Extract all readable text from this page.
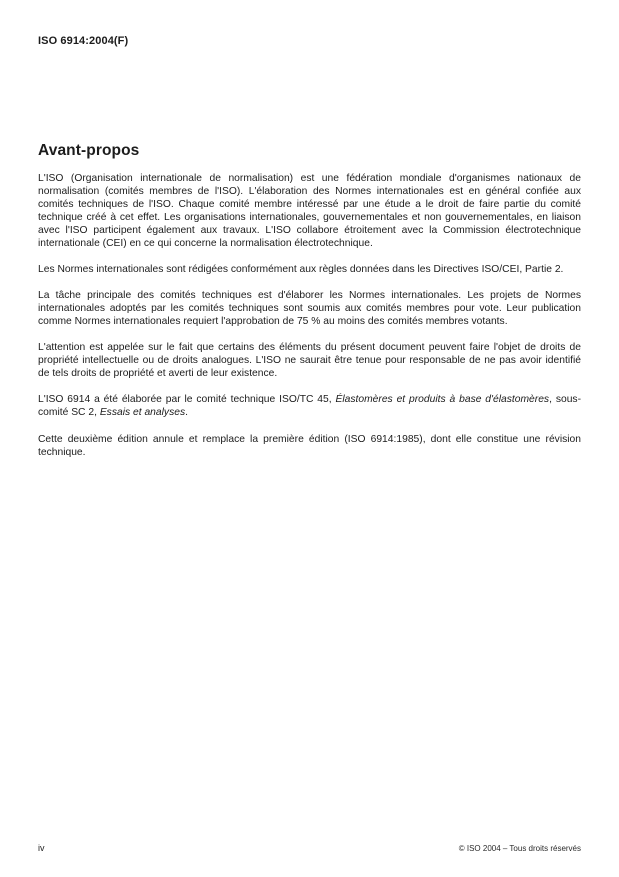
ISO 6914:2004(F)
Avant-propos

L'ISO (Organisation internationale de normalisation) est une fédération mondiale d'organismes nationaux de normalisation (comités membres de l'ISO). L'élaboration des Normes internationales est en général confiée aux comités techniques de l'ISO. Chaque comité membre intéressé par une étude a le droit de faire partie du comité technique créé à cet effet. Les organisations internationales, gouvernementales et non gouvernementales, en liaison avec l'ISO participent également aux travaux. L'ISO collabore étroitement avec la Commission électrotechnique internationale (CEI) en ce qui concerne la normalisation électrotechnique.

Les Normes internationales sont rédigées conformément aux règles données dans les Directives ISO/CEI, Partie 2.

La tâche principale des comités techniques est d'élaborer les Normes internationales. Les projets de Normes internationales adoptés par les comités techniques sont soumis aux comités membres pour vote. Leur publication comme Normes internationales requiert l'approbation de 75 % au moins des comités membres votants.

L'attention est appelée sur le fait que certains des éléments du présent document peuvent faire l'objet de droits de propriété intellectuelle ou de droits analogues. L'ISO ne saurait être tenue pour responsable de ne pas avoir identifié de tels droits de propriété et averti de leur existence.

L'ISO 6914 a été élaborée par le comité technique ISO/TC 45, Élastomères et produits à base d'élastomères, sous-comité SC 2, Essais et analyses.

Cette deuxième édition annule et remplace la première édition (ISO 6914:1985), dont elle constitue une révision technique.

iv	© ISO 2004 – Tous droits réservés
